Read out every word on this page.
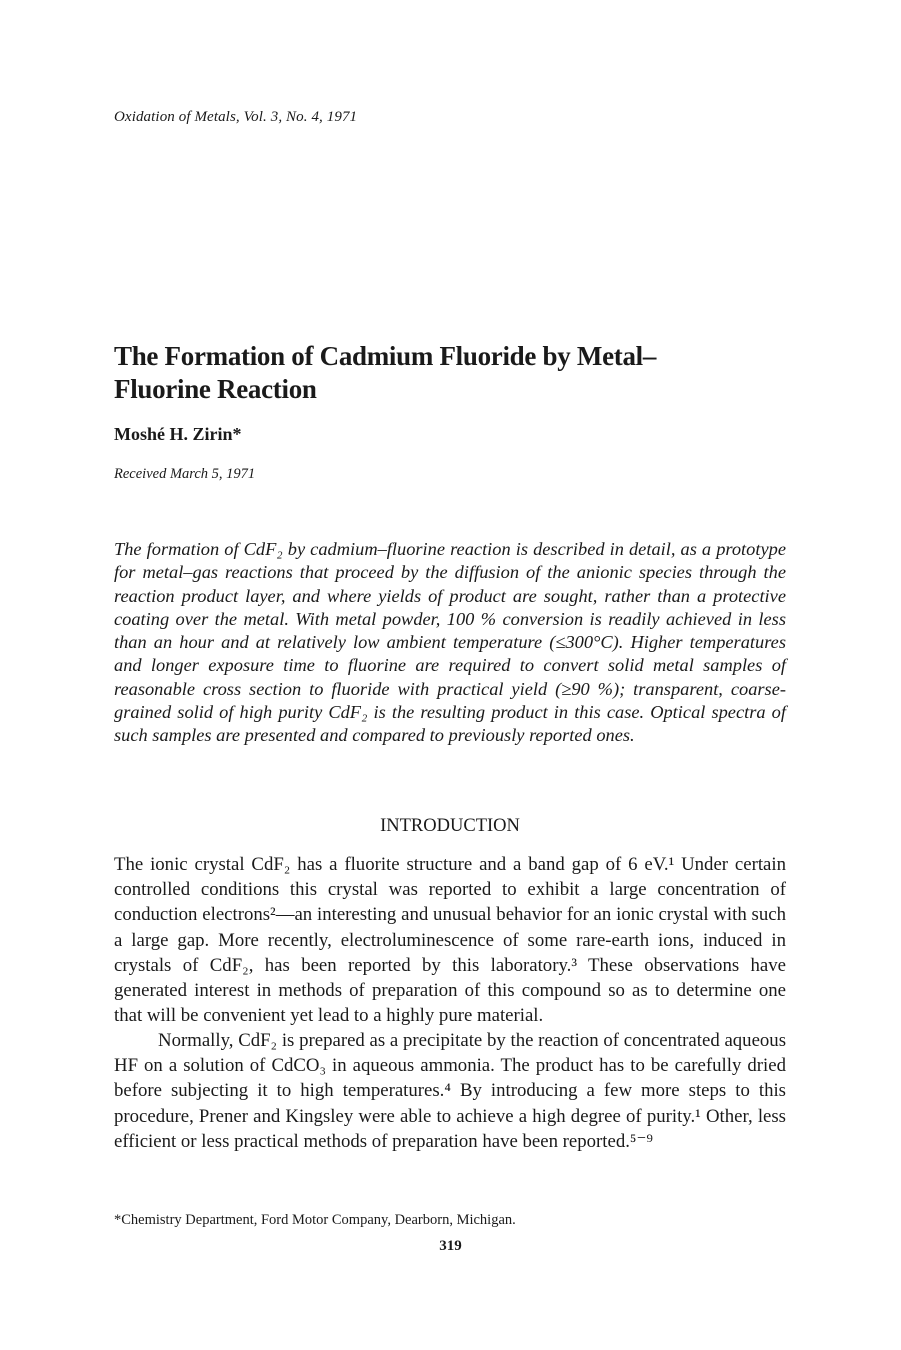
Oxidation of Metals, Vol. 3, No. 4, 1971
The Formation of Cadmium Fluoride by Metal–
Fluorine Reaction
Moshé H. Zirin*
Received March 5, 1971

The formation of CdF₂ by cadmium–fluorine reaction is described in detail, as a prototype for metal–gas reactions that proceed by the diffusion of the anionic species through the reaction product layer, and where yields of product are sought, rather than a protective coating over the metal. With metal powder, 100 % conversion is readily achieved in less than an hour and at relatively low ambient temperature (≤300°C). Higher temperatures and longer exposure time to fluorine are required to convert solid metal samples of reasonable cross section to fluoride with practical yield (≥90 %); transparent, coarse-grained solid of high purity CdF₂ is the resulting product in this case. Optical spectra of such samples are presented and compared to previously reported ones.

INTRODUCTION

The ionic crystal CdF₂ has a fluorite structure and a band gap of 6 eV.¹ Under certain controlled conditions this crystal was reported to exhibit a large concentration of conduction electrons²—an interesting and unusual behavior for an ionic crystal with such a large gap. More recently, electroluminescence of some rare-earth ions, induced in crystals of CdF₂, has been reported by this laboratory.³ These observations have generated interest in methods of preparation of this compound so as to determine one that will be convenient yet lead to a highly pure material.

Normally, CdF₂ is prepared as a precipitate by the reaction of concentrated aqueous HF on a solution of CdCO₃ in aqueous ammonia. The product has to be carefully dried before subjecting it to high temperatures.⁴ By introducing a few more steps to this procedure, Prener and Kingsley were able to achieve a high degree of purity.¹ Other, less efficient or less practical methods of preparation have been reported.⁵⁻⁹

*Chemistry Department, Ford Motor Company, Dearborn, Michigan.
319
